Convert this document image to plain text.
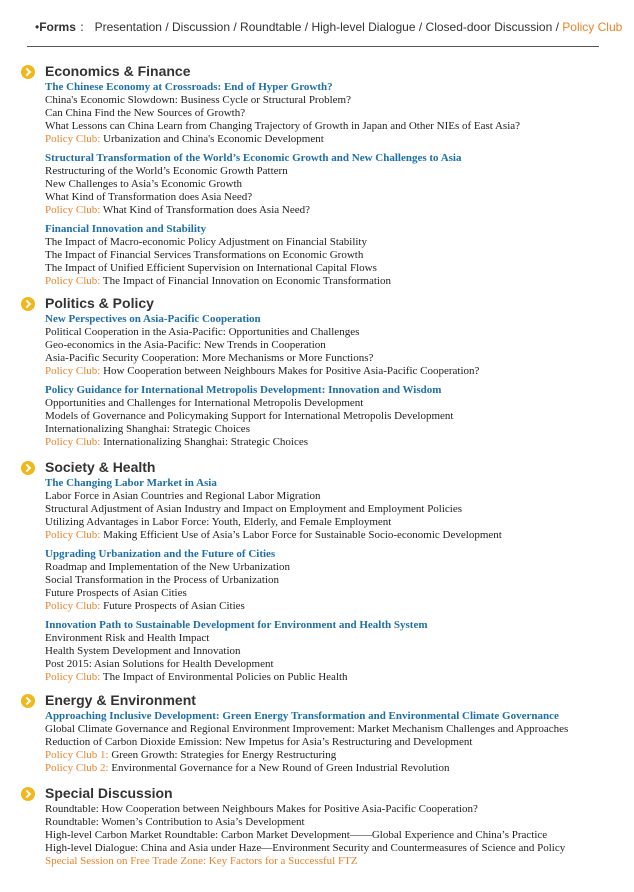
•Forms ： Presentation / Discussion / Roundtable / High-level Dialogue / Closed-door Discussion / Policy Club
Economics & Finance
The Chinese Economy at Crossroads: End of Hyper Growth?
China's Economic Slowdown: Business Cycle or Structural Problem?
Can China Find the New Sources of Growth?
What Lessons can China Learn from Changing Trajectory of Growth in Japan and Other NIEs of East Asia?
Policy Club: Urbanization and China's Economic Development
Structural Transformation of the World’s Economic Growth and New Challenges to Asia
Restructuring of the World’s Economic Growth Pattern
New Challenges to Asia’s Economic Growth
What Kind of Transformation does Asia Need?
Policy Club: What Kind of Transformation does Asia Need?
Financial Innovation and Stability
The Impact of Macro-economic Policy Adjustment on Financial Stability
The Impact of Financial Services Transformations on Economic Growth
The Impact of Unified Efficient Supervision on International Capital Flows
Policy Club: The Impact of Financial Innovation on Economic Transformation
Politics & Policy
New Perspectives on Asia-Pacific Cooperation
Political Cooperation in the Asia-Pacific: Opportunities and Challenges
Geo-economics in the Asia-Pacific: New Trends in Cooperation
Asia-Pacific Security Cooperation: More Mechanisms or More Functions?
Policy Club: How Cooperation between Neighbours Makes for Positive Asia-Pacific Cooperation?
Policy Guidance for International Metropolis Development: Innovation and Wisdom
Opportunities and Challenges for International Metropolis Development
Models of Governance and Policymaking Support for International Metropolis Development
Internationalizing Shanghai: Strategic Choices
Policy Club: Internationalizing Shanghai: Strategic Choices
Society & Health
The Changing Labor Market in Asia
Labor Force in Asian Countries and Regional Labor Migration
Structural Adjustment of Asian Industry and Impact on Employment and Employment Policies
Utilizing Advantages in Labor Force: Youth, Elderly, and Female Employment
Policy Club: Making Efficient Use of Asia’s Labor Force for Sustainable Socio-economic Development
Upgrading Urbanization and the Future of Cities
Roadmap and Implementation of the New Urbanization
Social Transformation in the Process of Urbanization
Future Prospects of Asian Cities
Policy Club: Future Prospects of Asian Cities
Innovation Path to Sustainable Development for Environment and Health System
Environment Risk and Health Impact
Health System Development and Innovation
Post 2015: Asian Solutions for Health Development
Policy Club: The Impact of Environmental Policies on Public Health
Energy & Environment
Approaching Inclusive Development: Green Energy Transformation and Environmental Climate Governance
Global Climate Governance and Regional Environment Improvement: Market Mechanism Challenges and Approaches
Reduction of Carbon Dioxide Emission: New Impetus for Asia’s Restructuring and Development
Policy Club 1: Green Growth: Strategies for Energy Restructuring
Policy Club 2: Environmental Governance for a New Round of Green Industrial Revolution
Special Discussion
Roundtable: How Cooperation between Neighbours Makes for Positive Asia-Pacific Cooperation?
Roundtable: Women’s Contribution to Asia’s Development
High-level Carbon Market Roundtable: Carbon Market Development——Global Experience and China’s Practice
High-level Dialogue: China and Asia under Haze—Environment Security and Countermeasures of Science and Policy
Special Session on Free Trade Zone: Key Factors for a Successful FTZ
